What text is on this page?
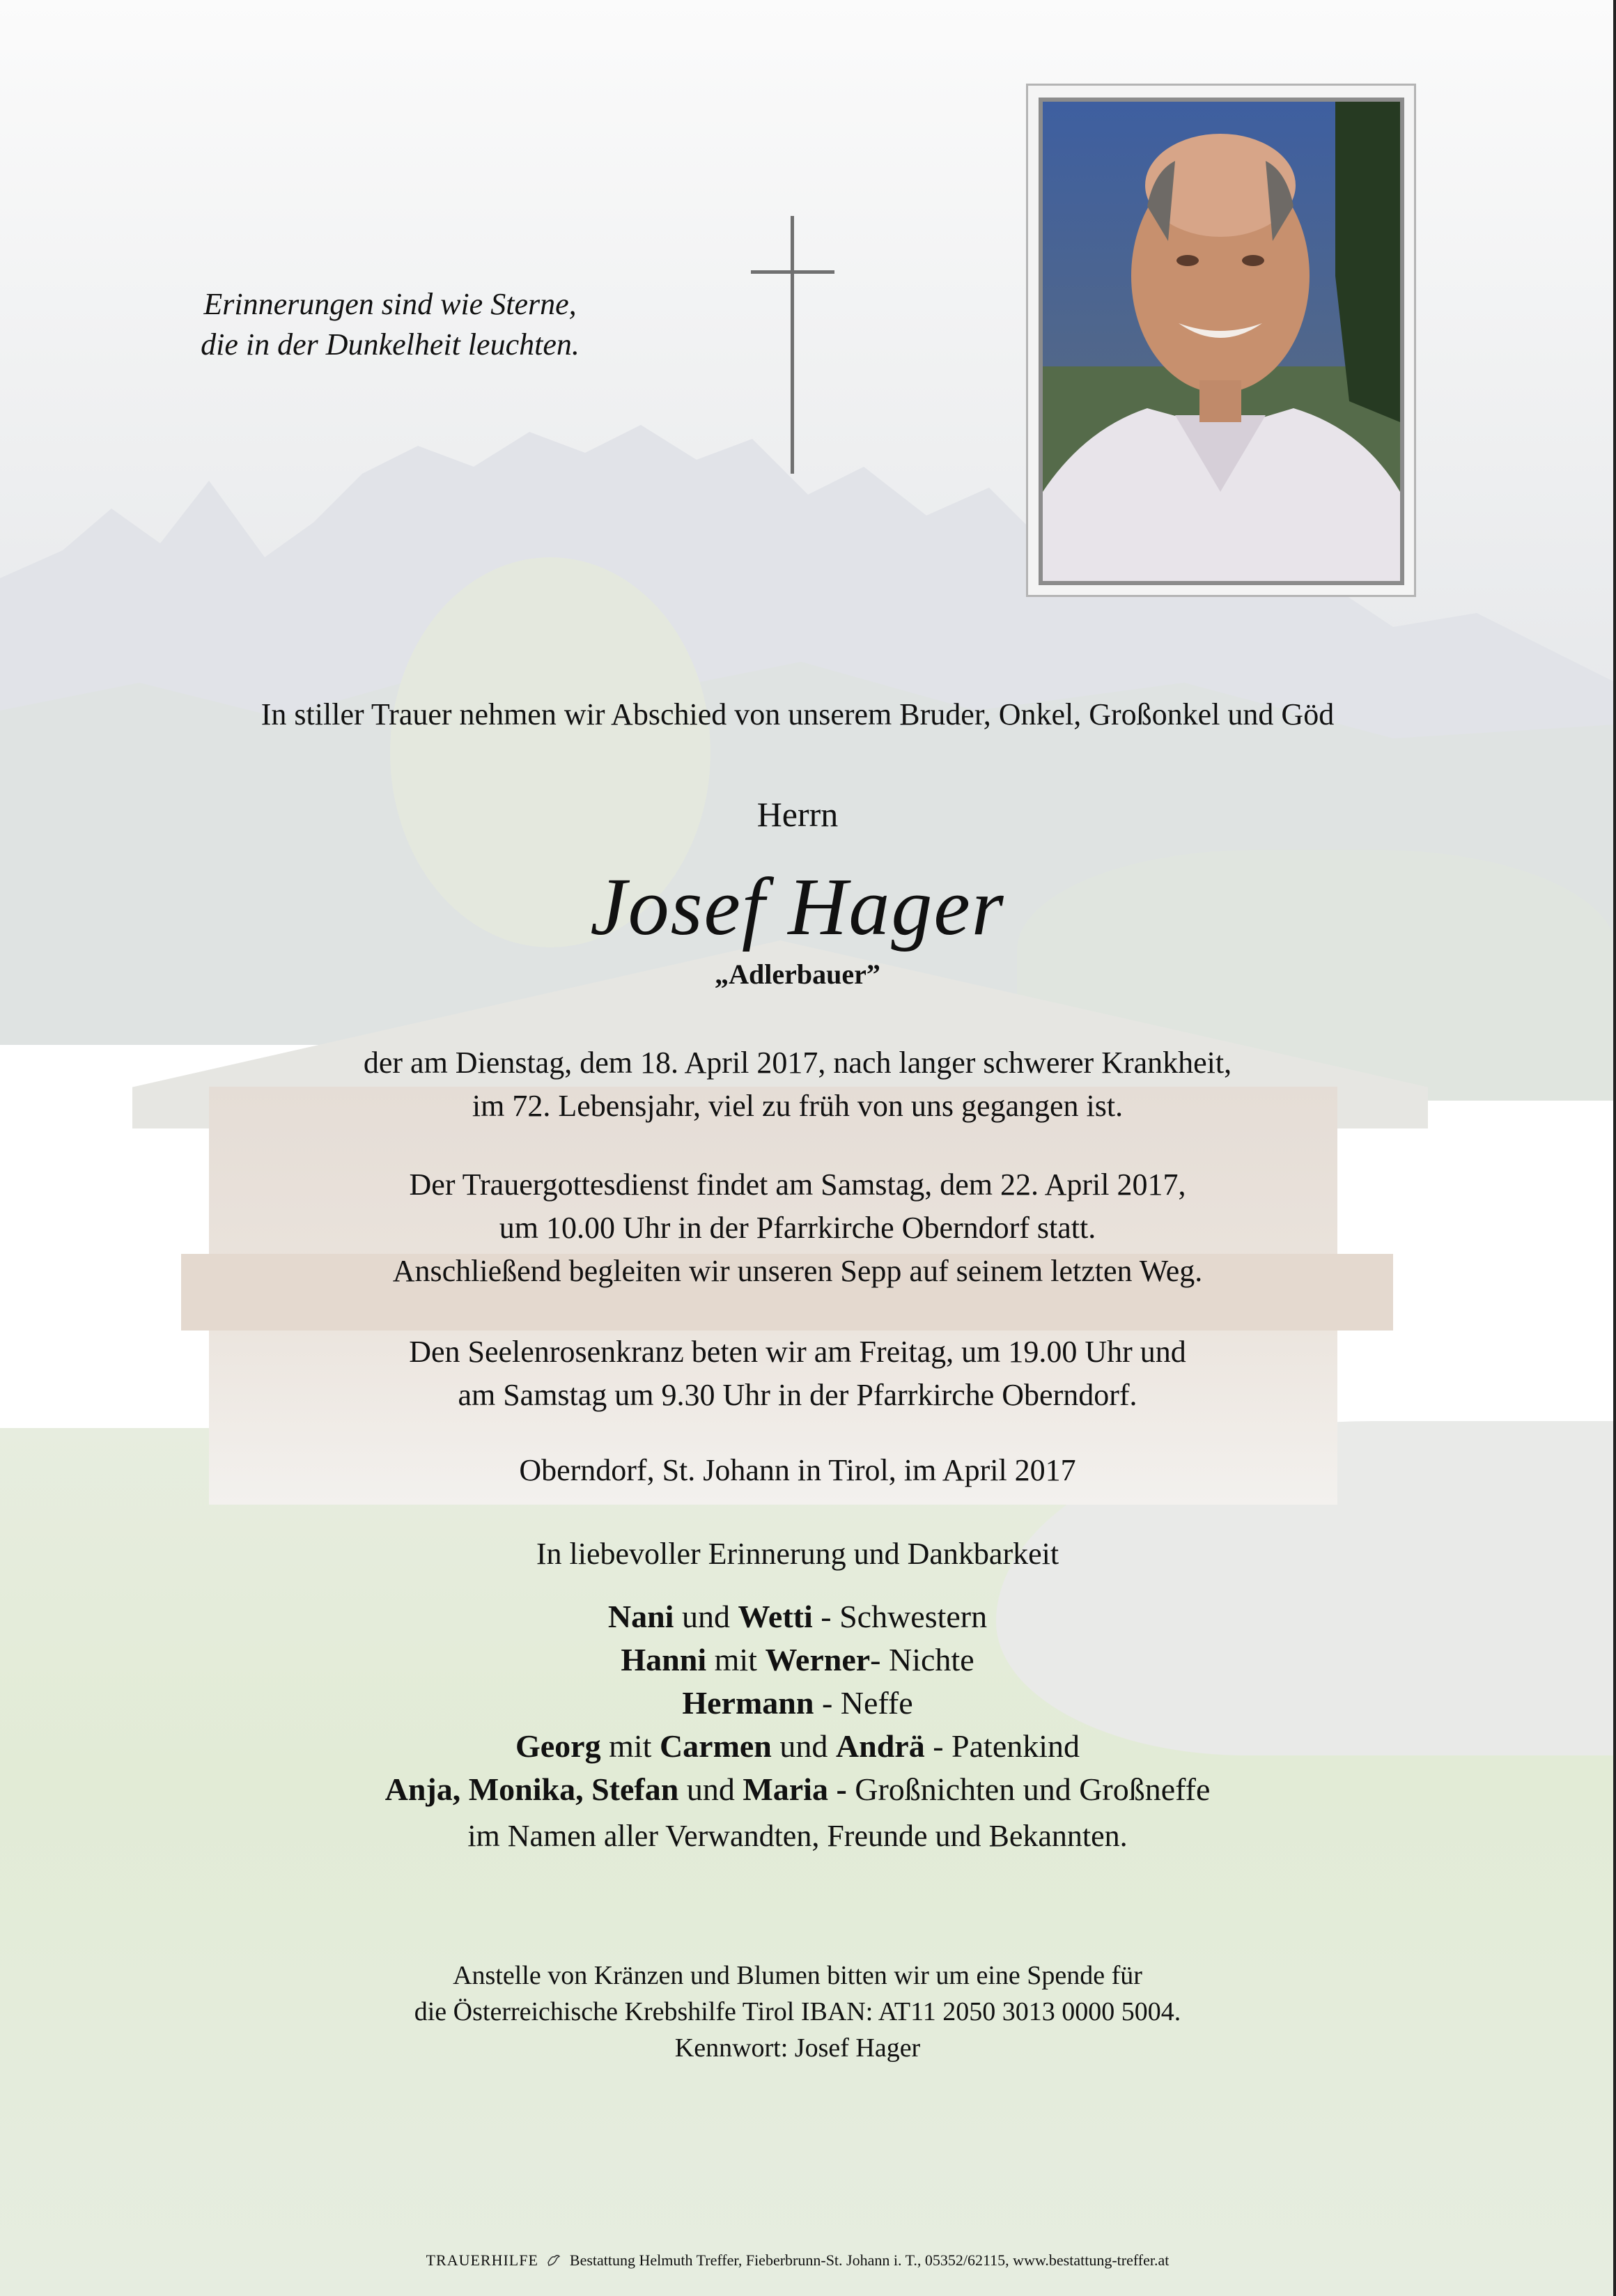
Erinnerungen sind wie Sterne,
die in der Dunkelheit leuchten.
In stiller Trauer nehmen wir Abschied von unserem Bruder, Onkel, Großonkel und Göd
Herrn
Josef Hager
„Adlerbauer”
der am Dienstag, dem 18. April 2017, nach langer schwerer Krankheit,
im 72. Lebensjahr, viel zu früh von uns gegangen ist.
Der Trauergottesdienst findet am Samstag, dem 22. April 2017,
um 10.00 Uhr in der Pfarrkirche Oberndorf statt.
Anschließend begleiten wir unseren Sepp auf seinem letzten Weg.
Den Seelenrosenkranz beten wir am Freitag, um 19.00 Uhr und
am Samstag um 9.30 Uhr in der Pfarrkirche Oberndorf.
Oberndorf, St. Johann in Tirol, im April 2017
In liebevoller Erinnerung und Dankbarkeit
Nani und Wetti - Schwestern
Hanni mit Werner- Nichte
Hermann - Neffe
Georg mit Carmen und Andrä - Patenkind
Anja, Monika, Stefan und Maria - Großnichten und Großneffe
im Namen aller Verwandten, Freunde und Bekannten.
Anstelle von Kränzen und Blumen bitten wir um eine Spende für
die Österreichische Krebshilfe Tirol IBAN: AT11 2050 3013 0000 5004.
Kennwort: Josef Hager
TRAUERHILFE Bestattung Helmuth Treffer, Fieberbrunn-St. Johann i. T., 05352/62115, www.bestattung-treffer.at
